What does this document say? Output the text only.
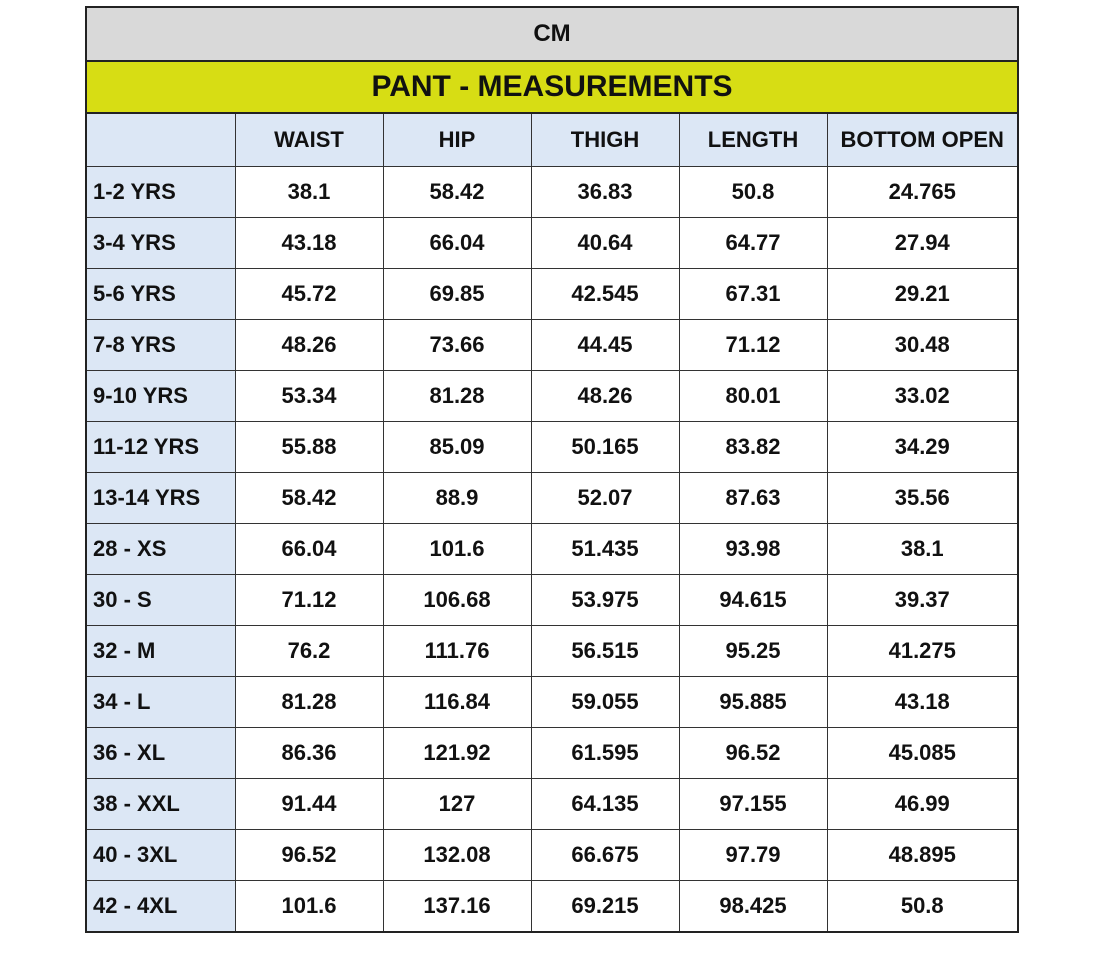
CM
PANT - MEASUREMENTS
	WAIST	HIP	THIGH	LENGTH	BOTTOM OPEN
1-2 YRS	38.1	58.42	36.83	50.8	24.765
3-4 YRS	43.18	66.04	40.64	64.77	27.94
5-6 YRS	45.72	69.85	42.545	67.31	29.21
7-8 YRS	48.26	73.66	44.45	71.12	30.48
9-10 YRS	53.34	81.28	48.26	80.01	33.02
11-12 YRS	55.88	85.09	50.165	83.82	34.29
13-14 YRS	58.42	88.9	52.07	87.63	35.56
28 - XS	66.04	101.6	51.435	93.98	38.1
30 - S	71.12	106.68	53.975	94.615	39.37
32 - M	76.2	111.76	56.515	95.25	41.275
34 - L	81.28	116.84	59.055	95.885	43.18
36 - XL	86.36	121.92	61.595	96.52	45.085
38 - XXL	91.44	127	64.135	97.155	46.99
40 - 3XL	96.52	132.08	66.675	97.79	48.895
42 - 4XL	101.6	137.16	69.215	98.425	50.8
